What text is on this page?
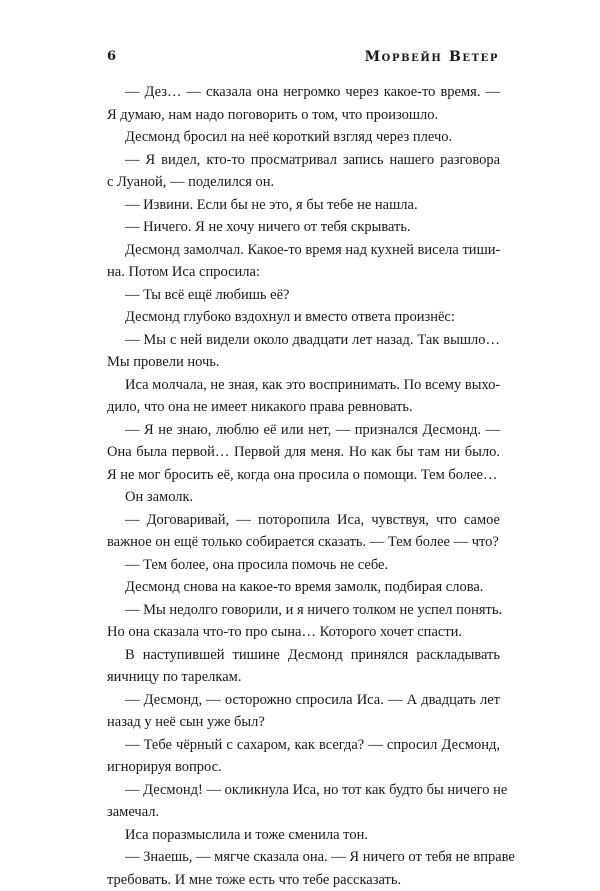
6	Морвейн Ветер
— Дез… — сказала она негромко через какое-то время. —
Я думаю, нам надо поговорить о том, что произошло.
Десмонд бросил на неё короткий взгляд через плечо.
— Я видел, кто-то просматривал запись нашего разговора
с Луаной, — поделился он.
— Извини. Если бы не это, я бы тебе не нашла.
— Ничего. Я не хочу ничего от тебя скрывать.
Десмонд замолчал. Какое-то время над кухней висела тиши-
на. Потом Иса спросила:
— Ты всё ещё любишь её?
Десмонд глубоко вздохнул и вместо ответа произнёс:
— Мы с ней видели около двадцати лет назад. Так вышло…
Мы провели ночь.
Иса молчала, не зная, как это воспринимать. По всему выхо-
дило, что она не имеет никакого права ревновать.
— Я не знаю, люблю её или нет, — признался Десмонд. —
Она была первой… Первой для меня. Но как бы там ни было.
Я не мог бросить её, когда она просила о помощи. Тем более…
Он замолк.
— Договаривай, — поторопила Иса, чувствуя, что самое
важное он ещё только собирается сказать. — Тем более — что?
— Тем более, она просила помочь не себе.
Десмонд снова на какое-то время замолк, подбирая слова.
— Мы недолго говорили, и я ничего толком не успел понять.
Но она сказала что-то про сына… Которого хочет спасти.
В наступившей тишине Десмонд принялся раскладывать
яичницу по тарелкам.
— Десмонд, — осторожно спросила Иса. — А двадцать лет
назад у неё сын уже был?
— Тебе чёрный с сахаром, как всегда? — спросил Десмонд,
игнорируя вопрос.
— Десмонд! — окликнула Иса, но тот как будто бы ничего не
замечал.
Иса поразмыслила и тоже сменила тон.
— Знаешь, — мягче сказала она. — Я ничего от тебя не вправе
требовать. И мне тоже есть что тебе рассказать.
